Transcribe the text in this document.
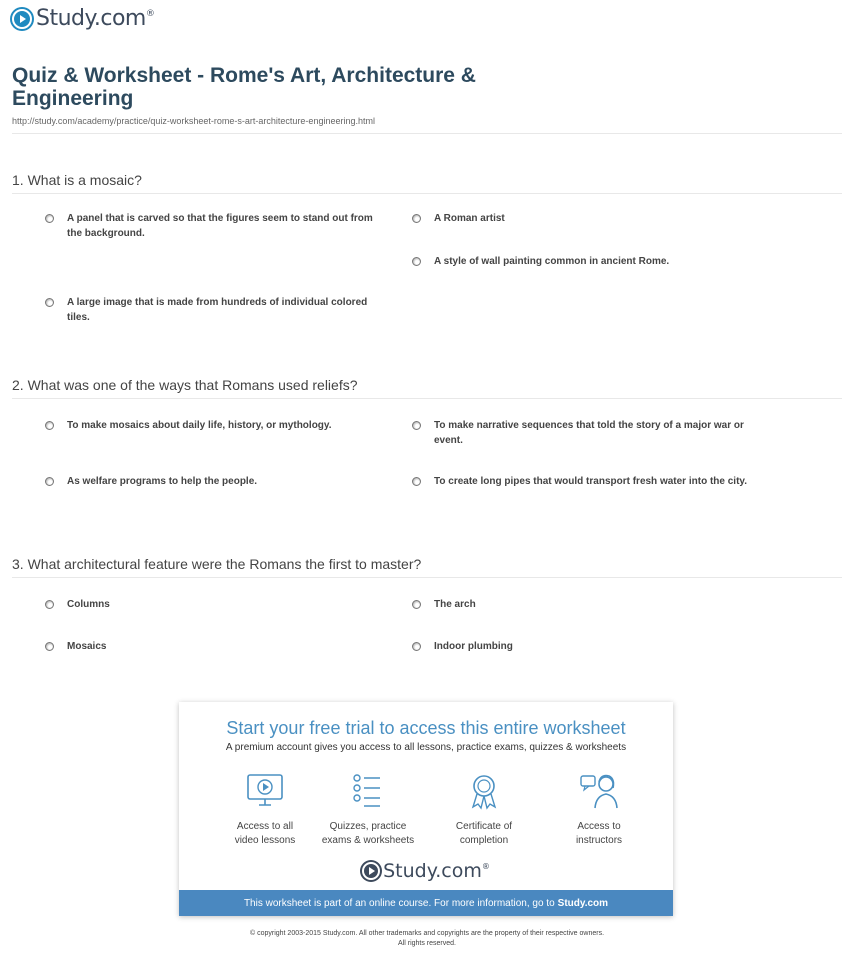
Study.com ®
Quiz & Worksheet - Rome's Art, Architecture & Engineering
http://study.com/academy/practice/quiz-worksheet-rome-s-art-architecture-engineering.html
1. What is a mosaic?
A panel that is carved so that the figures seem to stand out from the background.
A Roman artist
A style of wall painting common in ancient Rome.
A large image that is made from hundreds of individual colored tiles.
2. What was one of the ways that Romans used reliefs?
To make mosaics about daily life, history, or mythology.	To make narrative sequences that told the story of a major war or event.
As welfare programs to help the people.	To create long pipes that would transport fresh water into the city.
3. What architectural feature were the Romans the first to master?
Columns	The arch
Mosaics	Indoor plumbing
Start your free trial to access this entire worksheet
A premium account gives you access to all lessons, practice exams, quizzes & worksheets
Access to all
video lessons
Quizzes, practice
exams & worksheets
Certificate of
completion
Access to
instructors
Study.com ®
This worksheet is part of an online course. For more information, go to Study.com
© copyright 2003-2015 Study.com. All other trademarks and copyrights are the property of their respective owners.
All rights reserved.
